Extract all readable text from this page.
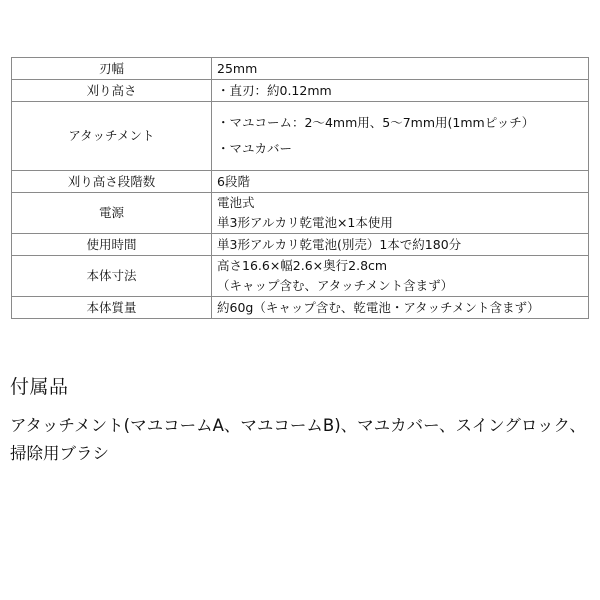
刃幅	25mm

刈り高さ	・直刃：約0.12mm

アタッチメント	・マユコーム：2～4mm用、5～7mm用(1mmピッチ）
・マユカバー

刈り高さ段階数	6段階

電源	電池式
単3形アルカリ乾電池×1本使用

使用時間	単3形アルカリ乾電池(別売）1本で約180分

本体寸法	高さ16.6×幅2.6×奥行2.8cm
（キャップ含む、アタッチメント含まず）

本体質量	約60g（キャップ含む、乾電池・アタッチメント含まず）
付属品

アタッチメント(マユコームA、マユコームB)、マユカバー、スイングロック、
掃除用ブラシ
